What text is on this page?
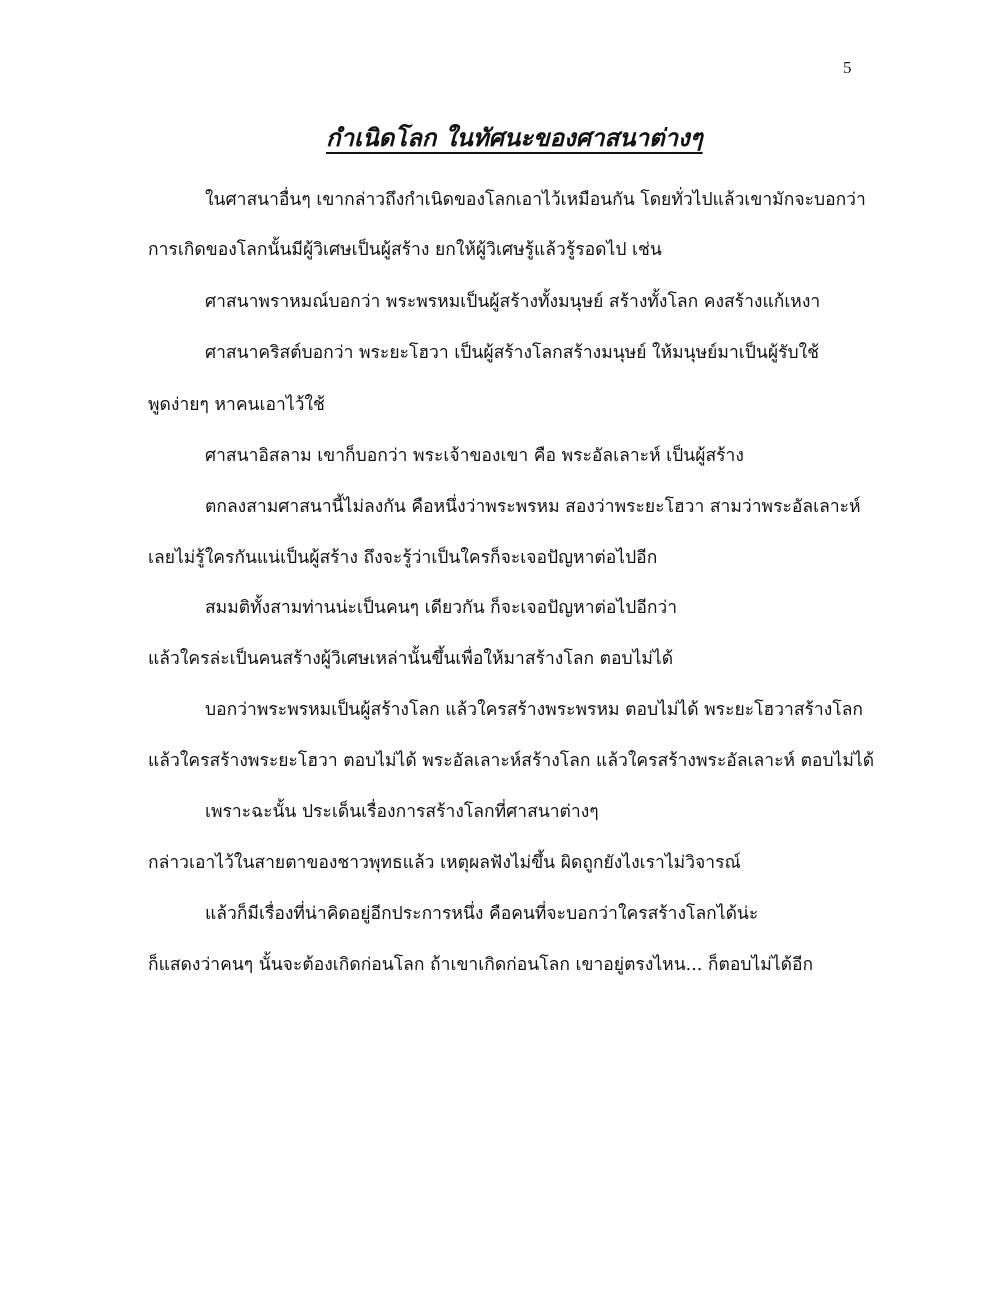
5
กำเนิดโลก ในทัศนะของศาสนาต่างๆ
ในศาสนาอื่นๆ เขากล่าวถึงกำเนิดของโลกเอาไว้เหมือนกัน โดยทั่วไปแล้วเขามักจะบอกว่า
การเกิดของโลกนั้นมีผู้วิเศษเป็นผู้สร้าง ยกให้ผู้วิเศษรู้แล้วรู้รอดไป เช่น
ศาสนาพราหมณ์บอกว่า พระพรหมเป็นผู้สร้างทั้งมนุษย์ สร้างทั้งโลก คงสร้างแก้เหงา
ศาสนาคริสต์บอกว่า พระยะโฮวา เป็นผู้สร้างโลกสร้างมนุษย์ ให้มนุษย์มาเป็นผู้รับใช้
พูดง่ายๆ หาคนเอาไว้ใช้
ศาสนาอิสลาม เขาก็บอกว่า พระเจ้าของเขา คือ พระอัลเลาะห์ เป็นผู้สร้าง
ตกลงสามศาสนานี้ไม่ลงกัน คือหนึ่งว่าพระพรหม สองว่าพระยะโฮวา สามว่าพระอัลเลาะห์
เลยไม่รู้ใครกันแน่เป็นผู้สร้าง ถึงจะรู้ว่าเป็นใครก็จะเจอปัญหาต่อไปอีก
สมมติทั้งสามท่านน่ะเป็นคนๆ เดียวกัน ก็จะเจอปัญหาต่อไปอีกว่า
แล้วใครล่ะเป็นคนสร้างผู้วิเศษเหล่านั้นขึ้นเพื่อให้มาสร้างโลก ตอบไม่ได้
บอกว่าพระพรหมเป็นผู้สร้างโลก แล้วใครสร้างพระพรหม ตอบไม่ได้ พระยะโฮวาสร้างโลก
แล้วใครสร้างพระยะโฮวา ตอบไม่ได้ พระอัลเลาะห์สร้างโลก แล้วใครสร้างพระอัลเลาะห์ ตอบไม่ได้
เพราะฉะนั้น ประเด็นเรื่องการสร้างโลกที่ศาสนาต่างๆ
กล่าวเอาไว้ในสายตาของชาวพุทธแล้ว เหตุผลฟังไม่ขึ้น ผิดถูกยังไงเราไม่วิจารณ์
แล้วก็มีเรื่องที่น่าคิดอยู่อีกประการหนึ่ง คือคนที่จะบอกว่าใครสร้างโลกได้น่ะ
ก็แสดงว่าคนๆ นั้นจะต้องเกิดก่อนโลก ถ้าเขาเกิดก่อนโลก เขาอยู่ตรงไหน... ก็ตอบไม่ได้อีก
